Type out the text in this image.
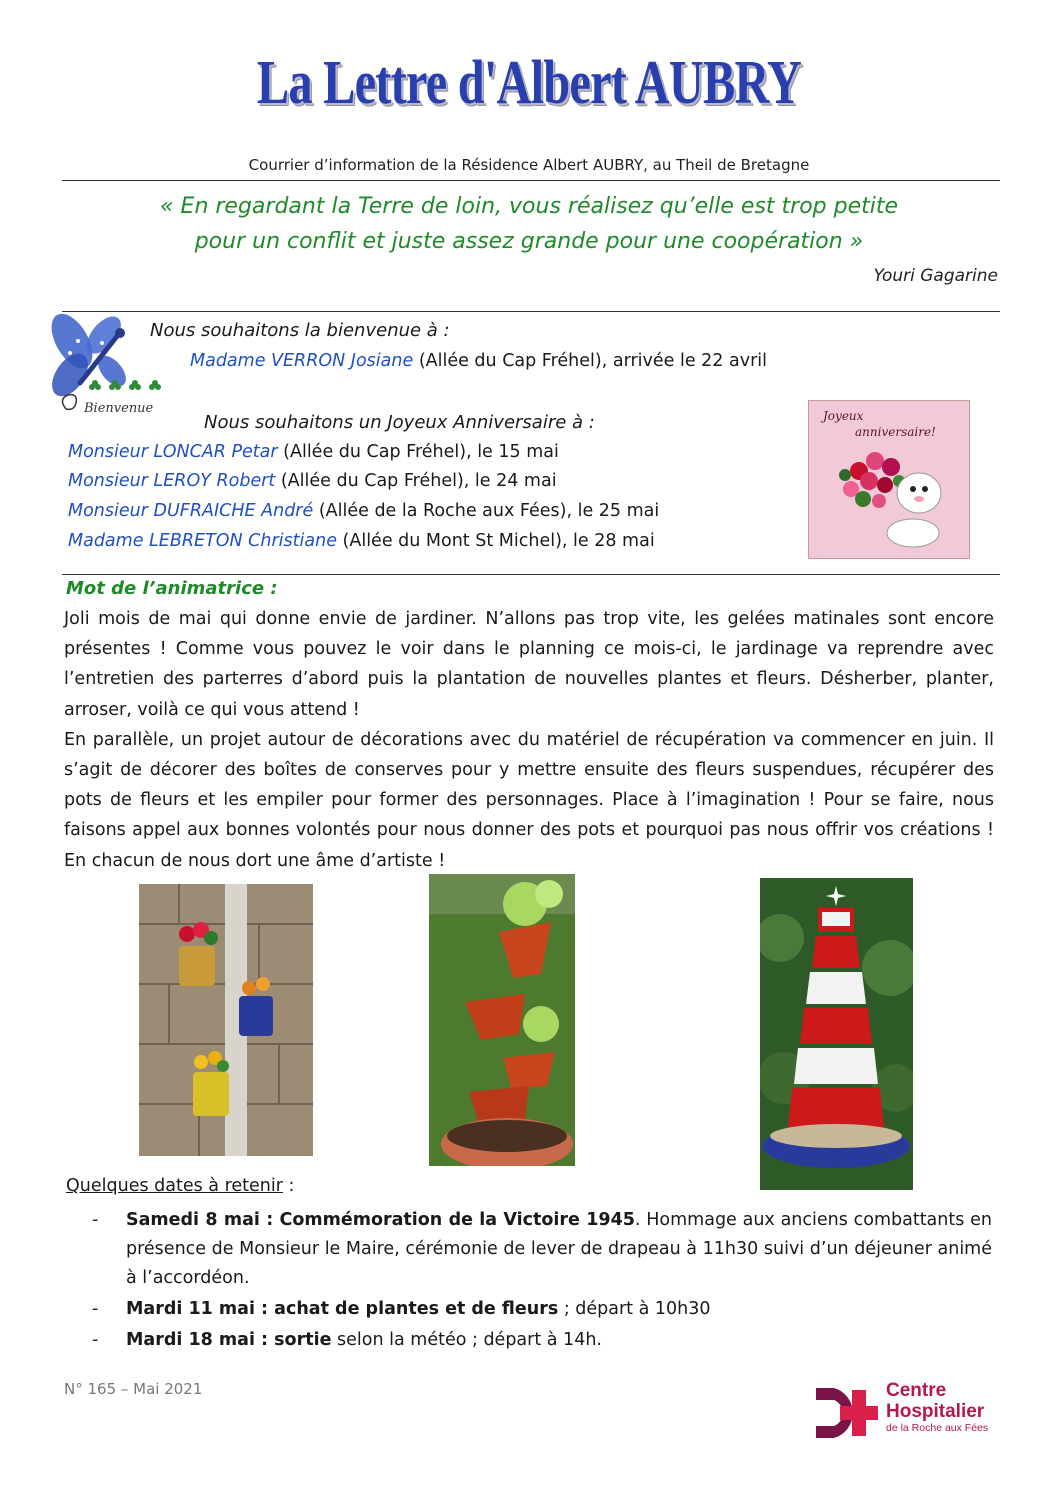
La Lettre d'Albert AUBRY
Courrier d’information de la Résidence Albert AUBRY, au Theil de Bretagne
« En regardant la Terre de loin, vous réalisez qu’elle est trop petite
pour un conflit et juste assez grande pour une coopération »
Youri Gagarine
Bienvenue
Nous souhaitons la bienvenue à :
Madame VERRON Josiane (Allée du Cap Fréhel), arrivée le 22 avril
Nous souhaitons un Joyeux Anniversaire à :
Monsieur LONCAR Petar (Allée du Cap Fréhel), le 15 mai
Monsieur LEROY Robert (Allée du Cap Fréhel), le 24 mai
Monsieur DUFRAICHE André (Allée de la Roche aux Fées), le 25 mai
Madame LEBRETON Christiane (Allée du Mont St Michel), le 28 mai
Joyeux
anniversaire!
Mot de l’animatrice :

Joli mois de mai qui donne envie de jardiner. N’allons pas trop vite, les gelées matinales sont encore présentes ! Comme vous pouvez le voir dans le planning ce mois-ci, le jardinage va reprendre avec l’entretien des parterres d’abord puis la plantation de nouvelles plantes et fleurs. Désherber, planter, arroser, voilà ce qui vous attend !

En parallèle, un projet autour de décorations avec du matériel de récupération va commencer en juin. Il s’agit de décorer des boîtes de conserves pour y mettre ensuite des fleurs suspendues, récupérer des pots de fleurs et les empiler pour former des personnages. Place à l’imagination ! Pour se faire, nous faisons appel aux bonnes volontés pour nous donner des pots et pourquoi pas nous offrir vos créations ! En chacun de nous dort une âme d’artiste !

Quelques dates à retenir :
- Samedi 8 mai : Commémoration de la Victoire 1945. Hommage aux anciens combattants en présence de Monsieur le Maire, cérémonie de lever de drapeau à 11h30 suivi d’un déjeuner animé à l’accordéon.
- Mardi 11 mai : achat de plantes et de fleurs ; départ à 10h30
- Mardi 18 mai : sortie selon la météo ; départ à 14h.
N° 165 – Mai 2021	Centre
Hospitalier
de la Roche aux Fées
